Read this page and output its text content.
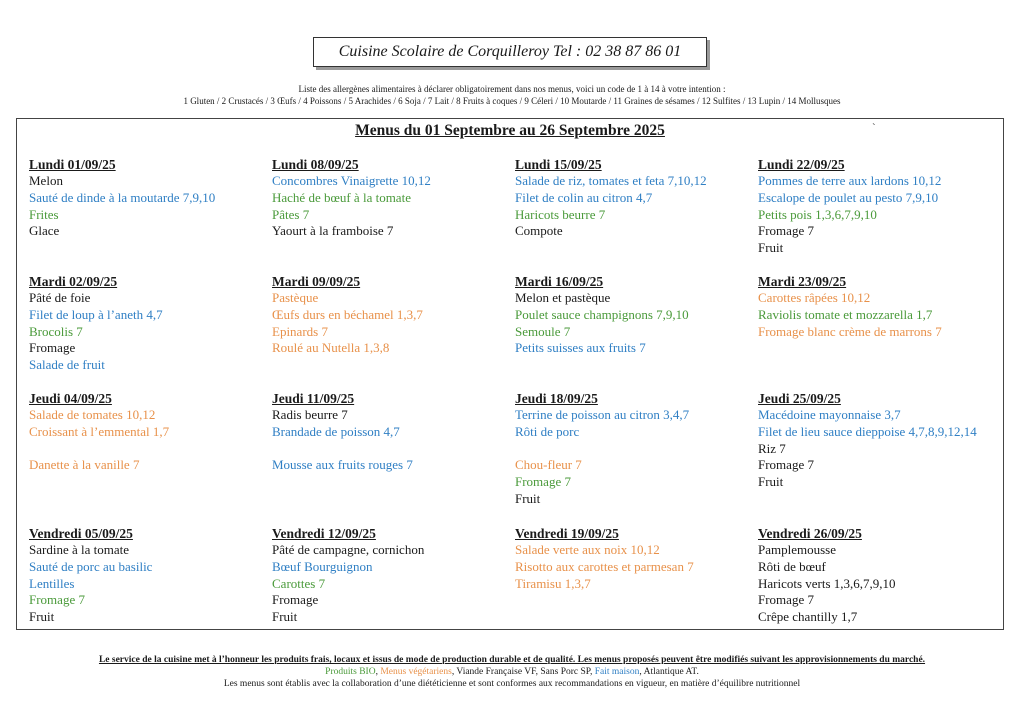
Cuisine Scolaire de Corquilleroy Tel : 02 38 87 86 01
Liste des allergènes alimentaires à déclarer obligatoirement dans nos menus, voici un code de 1 à 14 à votre intention :
1 Gluten / 2 Crustacés / 3 Œufs / 4 Poissons / 5 Arachides / 6 Soja / 7 Lait / 8 Fruits à coques / 9 Céleri / 10 Moutarde / 11 Graines de sésames / 12 Sulfites / 13 Lupin / 14 Mollusques
Menus du 01 Septembre au 26 Septembre 2025	`
Lundi 01/09/25
Melon
Sauté de dinde à la moutarde 7,9,10
Frites
Glace
Mardi 02/09/25
Pâté de foie
Filet de loup à l’aneth 4,7
Brocolis 7
Fromage
Salade de fruit
Jeudi 04/09/25
Salade de tomates 10,12
Croissant à l’emmental 1,7

Danette à la vanille 7
Vendredi 05/09/25
Sardine à la tomate
Sauté de porc au basilic
Lentilles
Fromage 7
Fruit
Lundi 08/09/25
Concombres Vinaigrette 10,12
Haché de bœuf à la tomate
Pâtes 7
Yaourt à la framboise 7
Mardi 09/09/25
Pastèque
Œufs durs en béchamel 1,3,7
Epinards 7
Roulé au Nutella 1,3,8
Jeudi 11/09/25
Radis beurre 7
Brandade de poisson 4,7

Mousse aux fruits rouges 7
Vendredi 12/09/25
Pâté de campagne, cornichon
Bœuf Bourguignon
Carottes 7
Fromage
Fruit
Lundi 15/09/25
Salade de riz, tomates et feta 7,10,12
Filet de colin au citron 4,7
Haricots beurre 7
Compote
Mardi 16/09/25
Melon et pastèque
Poulet sauce champignons 7,9,10
Semoule 7
Petits suisses aux fruits 7
Jeudi 18/09/25
Terrine de poisson au citron 3,4,7
Rôti de porc

Chou-fleur 7
Fromage 7
Fruit
Vendredi 19/09/25
Salade verte aux noix 10,12
Risotto aux carottes et parmesan 7
Tiramisu 1,3,7
Lundi 22/09/25
Pommes de terre aux lardons 10,12
Escalope de poulet au pesto 7,9,10
Petits pois 1,3,6,7,9,10
Fromage 7
Fruit
Mardi 23/09/25
Carottes râpées 10,12
Raviolis tomate et mozzarella 1,7
Fromage blanc crème de marrons 7
Jeudi 25/09/25
Macédoine mayonnaise 3,7
Filet de lieu sauce dieppoise 4,7,8,9,12,14
Riz 7
Fromage 7
Fruit
Vendredi 26/09/25
Pamplemousse
Rôti de bœuf
Haricots verts 1,3,6,7,9,10
Fromage 7
Crêpe chantilly 1,7
Le service de la cuisine met à l’honneur les produits frais, locaux et issus de mode de production durable et de qualité. Les menus proposés peuvent être modifiés suivant les approvisionnements du marché.
Produits BIO, Menus végétariens, Viande Française VF, Sans Porc SP, Fait maison, Atlantique AT.
Les menus sont établis avec la collaboration d’une diététicienne et sont conformes aux recommandations en vigueur, en matière d’équilibre nutritionnel
